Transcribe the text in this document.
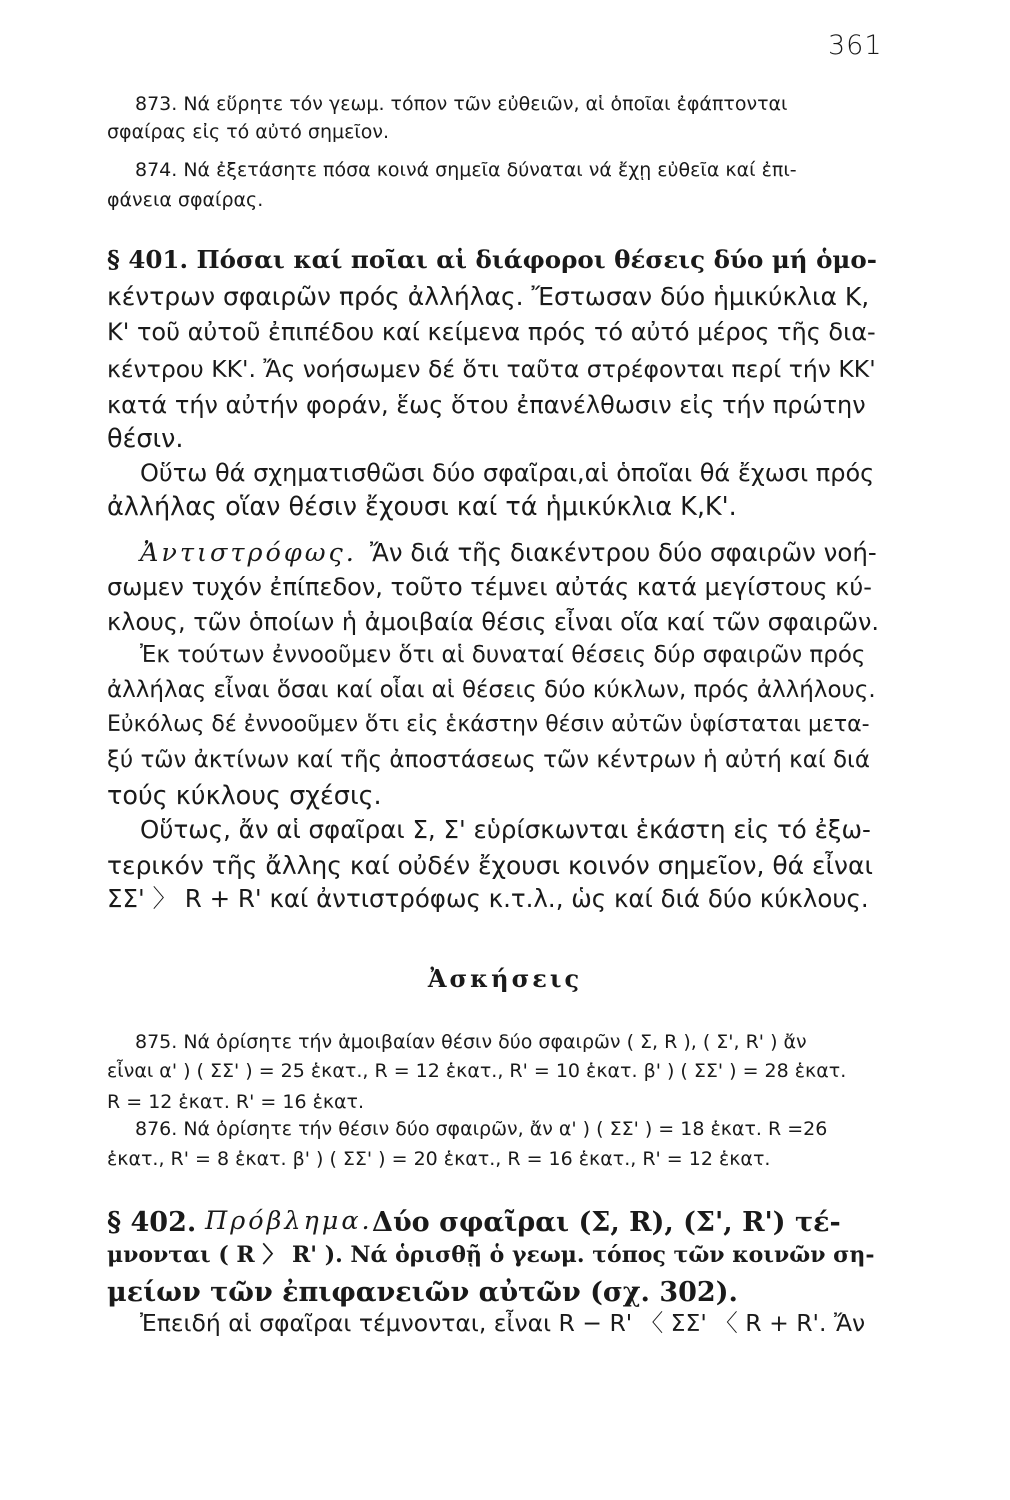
361
873. Νά εὕρητε τόν γεωμ. τόπον τῶν εὐθειῶν, αἱ ὁποῖαι ἐφάπτονται
σφαίρας εἰς τό αὐτό σημεῖον.
874. Νά ἐξετάσητε πόσα κοινά σημεῖα δύναται νά ἔχῃ εὐθεῖα καί ἐπι-
φάνεια σφαίρας.
§ 401. Πόσαι καί ποῖαι αἱ διάφοροι θέσεις δύο μή ὁμο-
κέντρων σφαιρῶν πρός ἀλλήλας. Ἔστωσαν δύο ἡμικύκλια Κ,
Κ' τοῦ αὐτοῦ ἐπιπέδου καί κείμενα πρός τό αὐτό μέρος τῆς δια-
κέντρου ΚΚ'. Ἄς νοήσωμεν δέ ὅτι ταῦτα στρέφονται περί τήν ΚΚ'
κατά τήν αὐτήν φοράν, ἕως ὅτου ἐπανέλθωσιν εἰς τήν πρώτην
θέσιν.
Οὕτω θά σχηματισθῶσι δύο σφαῖραι,αἱ ὁποῖαι θά ἔχωσι πρός
ἀλλήλας οἵαν θέσιν ἔχουσι καί τά ἡμικύκλια Κ,Κ'.
Ἀντιστρόφως. Ἄν διά τῆς διακέντρου δύο σφαιρῶν νοή-
σωμεν τυχόν ἐπίπεδον, τοῦτο τέμνει αὐτάς κατά μεγίστους κύ-
κλους, τῶν ὁποίων ἡ ἀμοιβαία θέσις εἶναι οἵα καί τῶν σφαιρῶν.
Ἐκ τούτων ἐννοοῦμεν ὅτι αἱ δυναταί θέσεις δύρ σφαιρῶν πρός
ἀλλήλας εἶναι ὅσαι καί οἷαι αἱ θέσεις δύο κύκλων, πρός ἀλλήλους.
Εὐκόλως δέ ἐννοοῦμεν ὅτι εἰς ἑκάστην θέσιν αὐτῶν ὑφίσταται μετα-
ξύ τῶν ἀκτίνων καί τῆς ἀποστάσεως τῶν κέντρων ἡ αὐτή καί διά
τούς κύκλους σχέσις.
Οὕτως, ἄν αἱ σφαῖραι Σ, Σ' εὑρίσκωνται ἑκάστη εἰς τό ἐξω-
τερικόν τῆς ἄλλης καί οὐδέν ἔχουσι κοινόν σημεῖον, θά εἶναι
ΣΣ' 〉 R + R' καί ἀντιστρόφως κ.τ.λ., ὡς καί διά δύο κύκλους.
Ἀσκήσεις
875. Νά ὁρίσητε τήν ἀμοιβαίαν θέσιν δύο σφαιρῶν ( Σ, R ), ( Σ', R' ) ἄν
εἶναι α' ) ( ΣΣ' ) = 25 ἑκατ., R = 12 ἑκατ., R' = 10 ἑκατ. β' ) ( ΣΣ' ) = 28 ἑκατ.
R = 12 ἑκατ. R' = 16 ἑκατ.
876. Νά ὁρίσητε τήν θέσιν δύο σφαιρῶν, ἄν α' ) ( ΣΣ' ) = 18 ἑκατ. R =26
ἑκατ., R' = 8 ἑκατ. β' ) ( ΣΣ' ) = 20 ἑκατ., R = 16 ἑκατ., R' = 12 ἑκατ.
§ 402. Πρόβλημα. Δύο σφαῖραι (Σ, R), (Σ', R') τέ-
μνονται ( R 〉 R' ). Νά ὁρισθῇ ὁ γεωμ. τόπος τῶν κοινῶν ση-
μείων τῶν ἐπιφανειῶν αὐτῶν (σχ. 302).
Ἐπειδή αἱ σφαῖραι τέμνονται, εἶναι R − R' 〈 ΣΣ' 〈 R + R'. Ἄν
